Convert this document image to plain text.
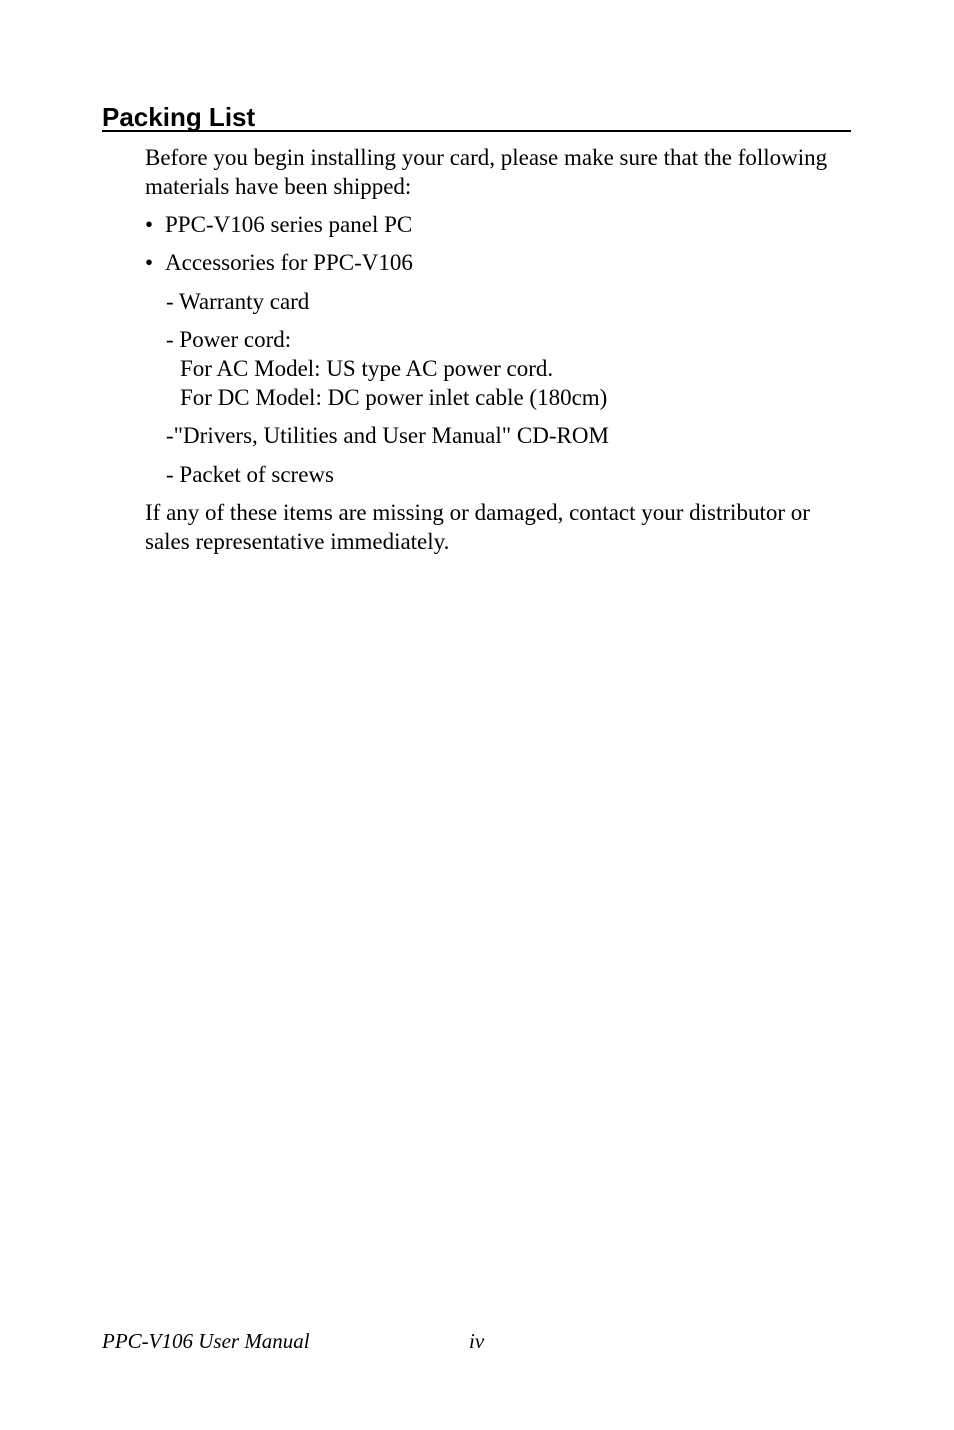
Packing List
Before you begin installing your card, please make sure that the following
materials have been shipped:
• PPC-V106 series panel PC
• Accessories for PPC-V106
- Warranty card
- Power cord:
For AC Model: US type AC power cord.
For DC Model: DC power inlet cable (180cm)
-"Drivers, Utilities and User Manual" CD-ROM
- Packet of screws
If any of these items are missing or damaged, contact your distributor or
sales representative immediately.
PPC-V106 User Manual	iv
